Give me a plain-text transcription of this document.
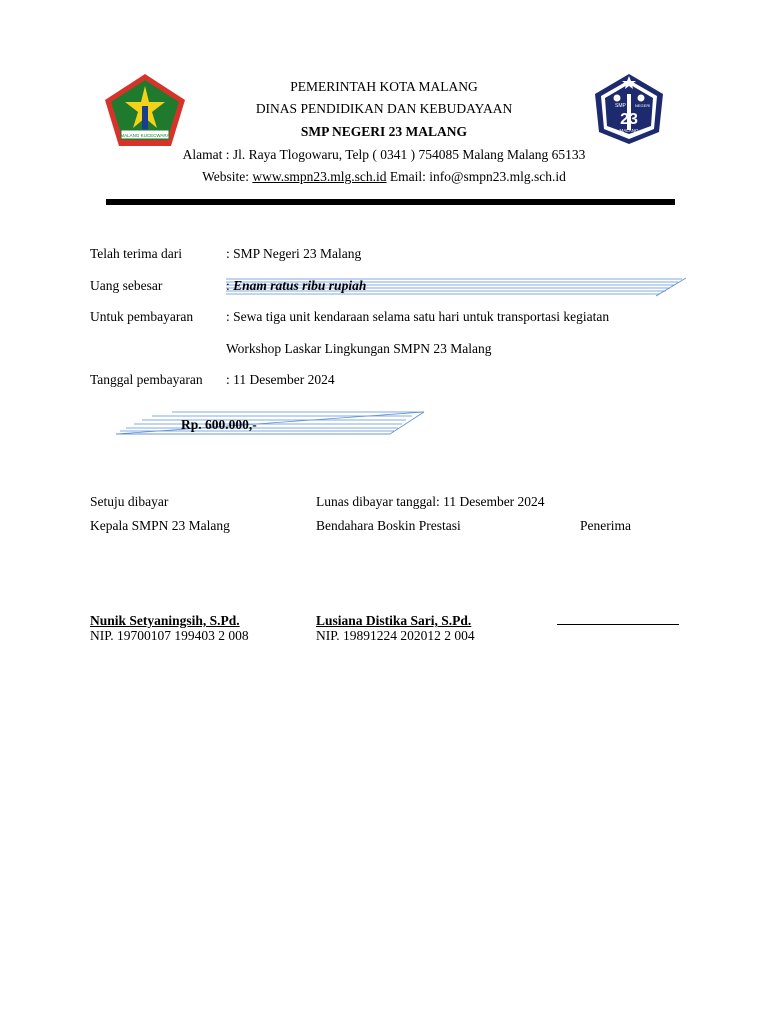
MALANG KUCECWARA
SMP NEGERI
23
MALANG
PEMERINTAH KOTA MALANG
DINAS PENDIDIKAN DAN KEBUDAYAAN
SMP NEGERI 23 MALANG
Alamat : Jl. Raya Tlogowaru, Telp ( 0341 ) 754085 Malang Malang 65133
Website: www.smpn23.mlg.sch.id Email: info@smpn23.mlg.sch.id
Telah terima dari	: SMP Negeri 23 Malang
Uang sebesar	: Enam ratus ribu rupiah
Untuk pembayaran : Sewa tiga unit kendaraan selama satu hari untuk transportasi kegiatan
Workshop Laskar Lingkungan SMPN 23 Malang
Tanggal pembayaran : 11 Desember 2024
Rp. 600.000,-
Setuju dibayar
Kepala SMPN 23 Malang
Nunik Setyaningsih, S.Pd.
NIP. 19700107 199403 2 008
Lunas dibayar tanggal: 11 Desember 2024
Bendahara Boskin Prestasi
Lusiana Distika Sari, S.Pd.
NIP. 19891224 202012 2 004
Penerima
